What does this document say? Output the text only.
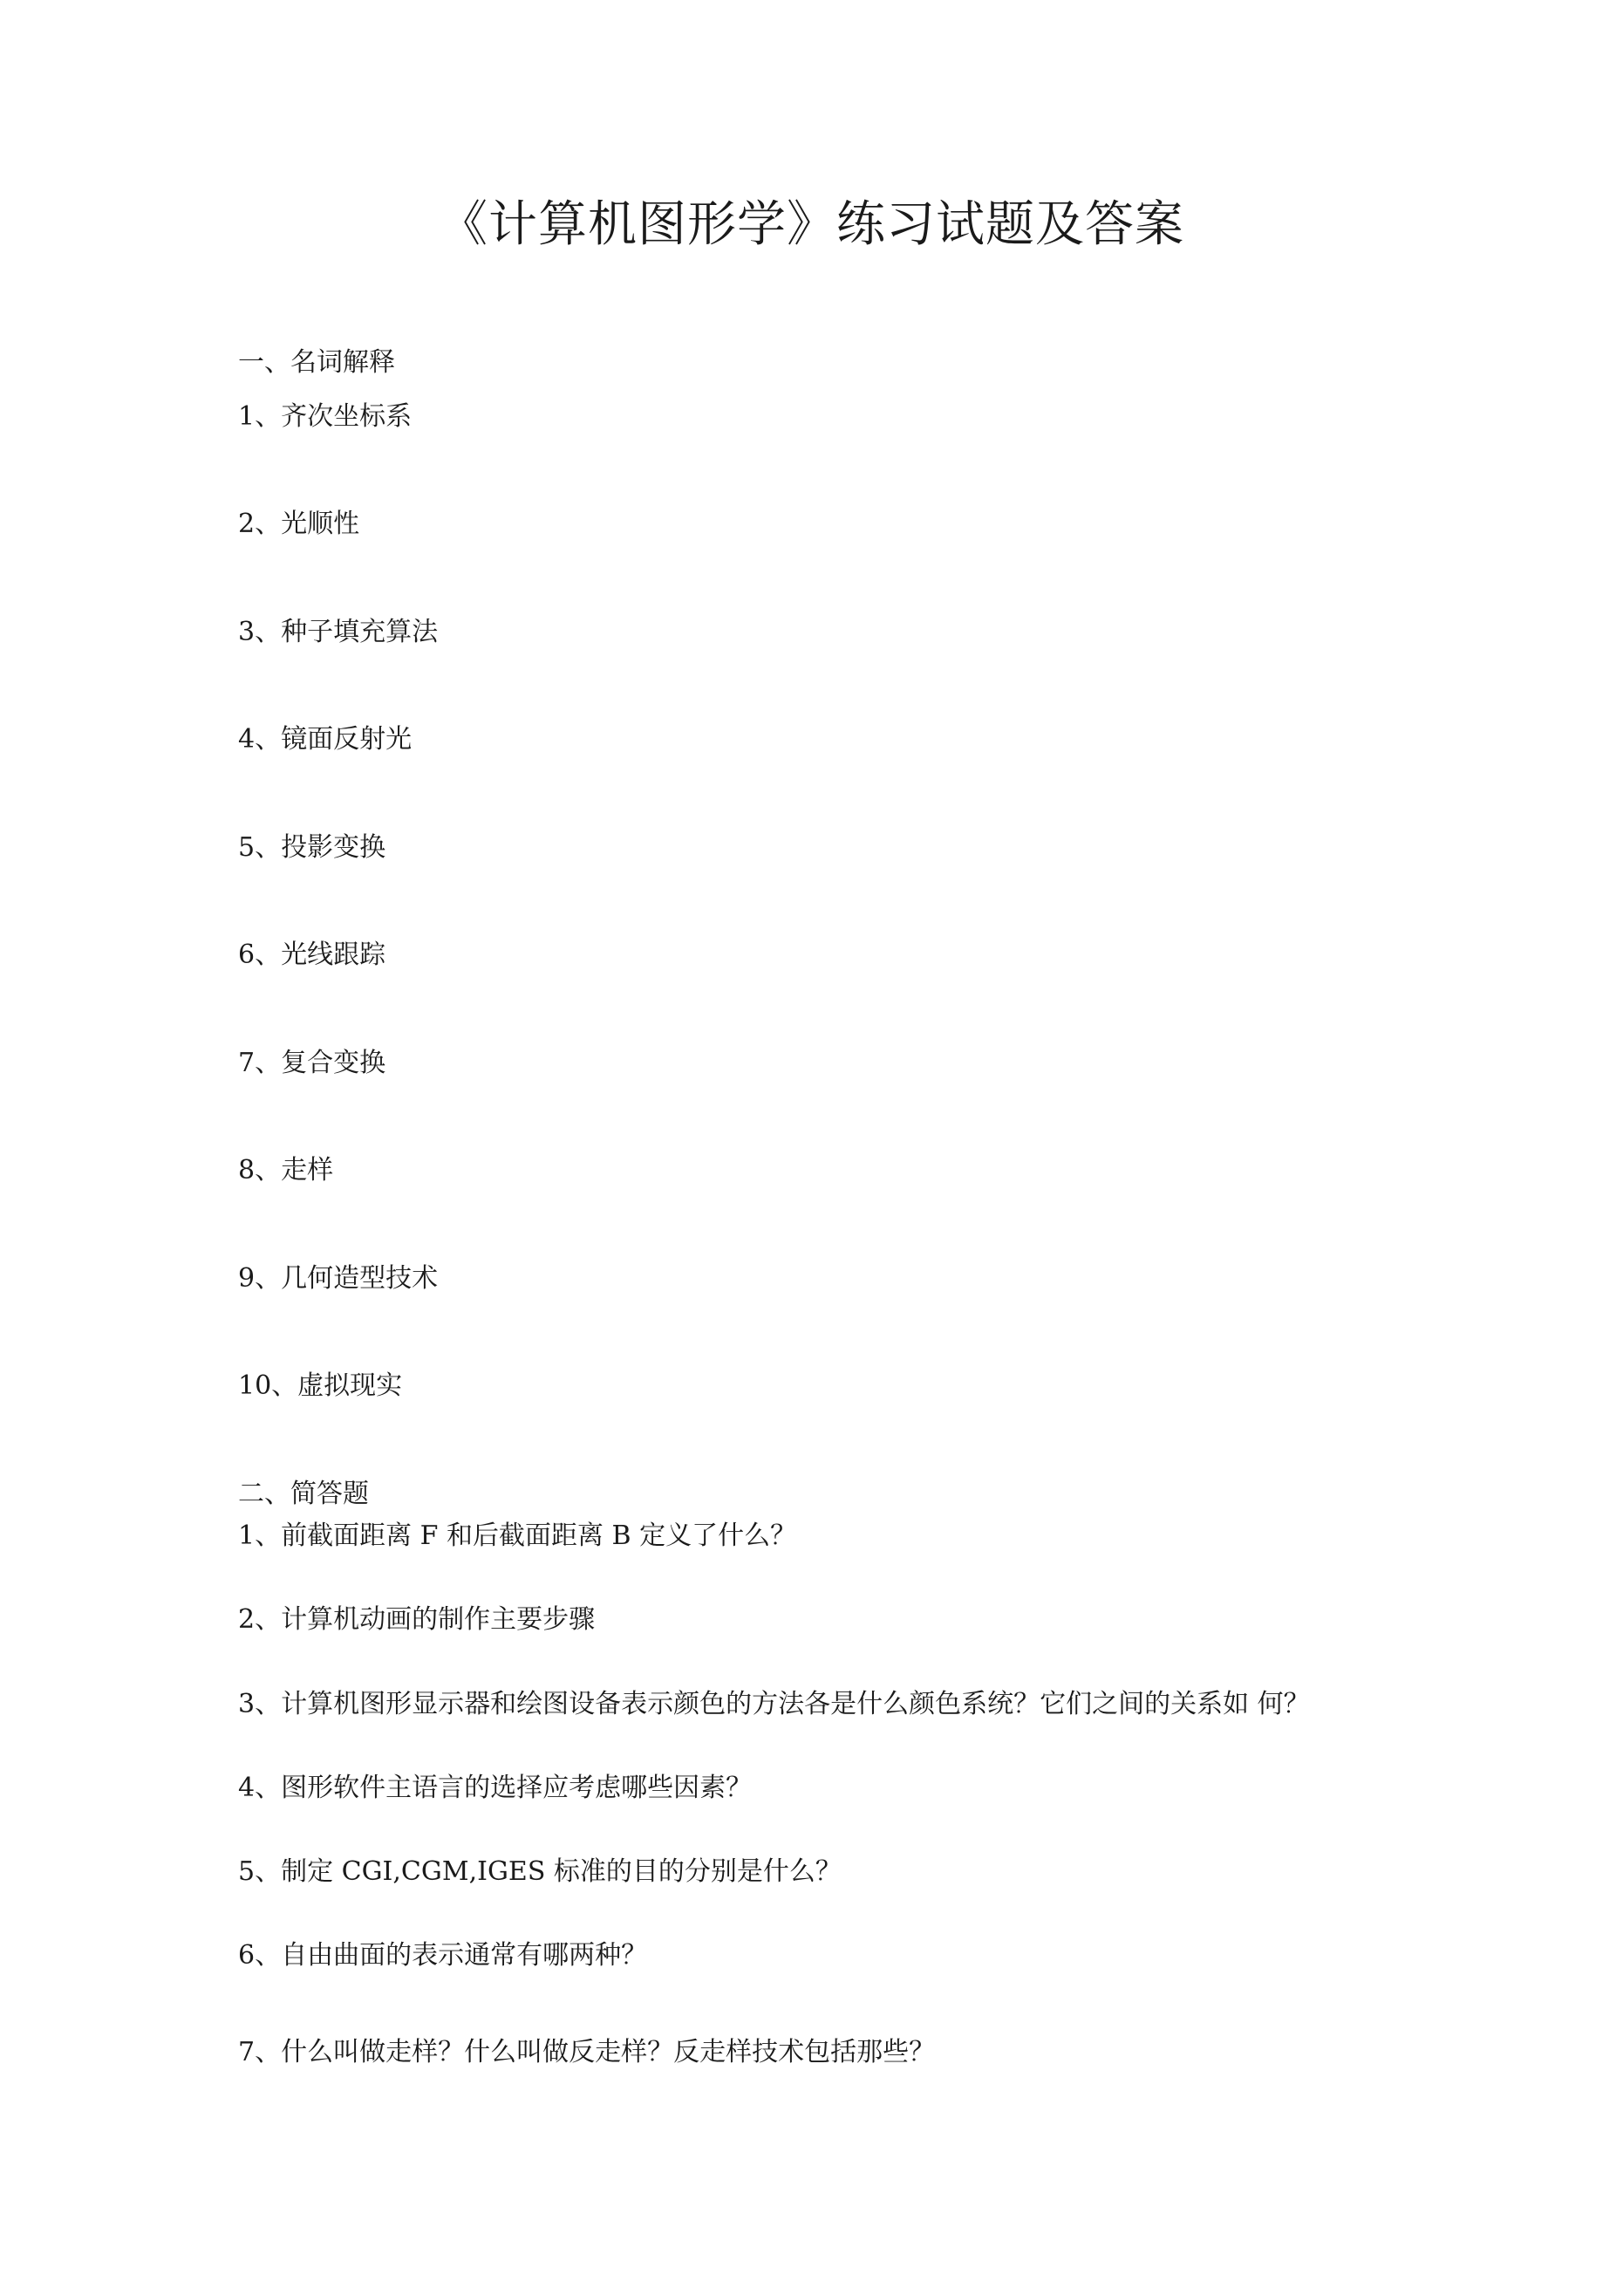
《计算机图形学》练习试题及答案

一、名词解释

1、齐次坐标系

2、光顺性

3、种子填充算法

4、镜面反射光

5、投影变换

6、光线跟踪

7、复合变换

8、走样

9、几何造型技术

10、虚拟现实

二、简答题

1、前截面距离 F 和后截面距离 B 定义了什么？

2、计算机动画的制作主要步骤

3、计算机图形显示器和绘图设备表示颜色的方法各是什么颜色系统？它们之间的关系如 何？

4、图形软件主语言的选择应考虑哪些因素？

5、制定 CGI,CGM,IGES 标准的目的分别是什么？

6、自由曲面的表示通常有哪两种？

7、什么叫做走样？什么叫做反走样？反走样技术包括那些？
